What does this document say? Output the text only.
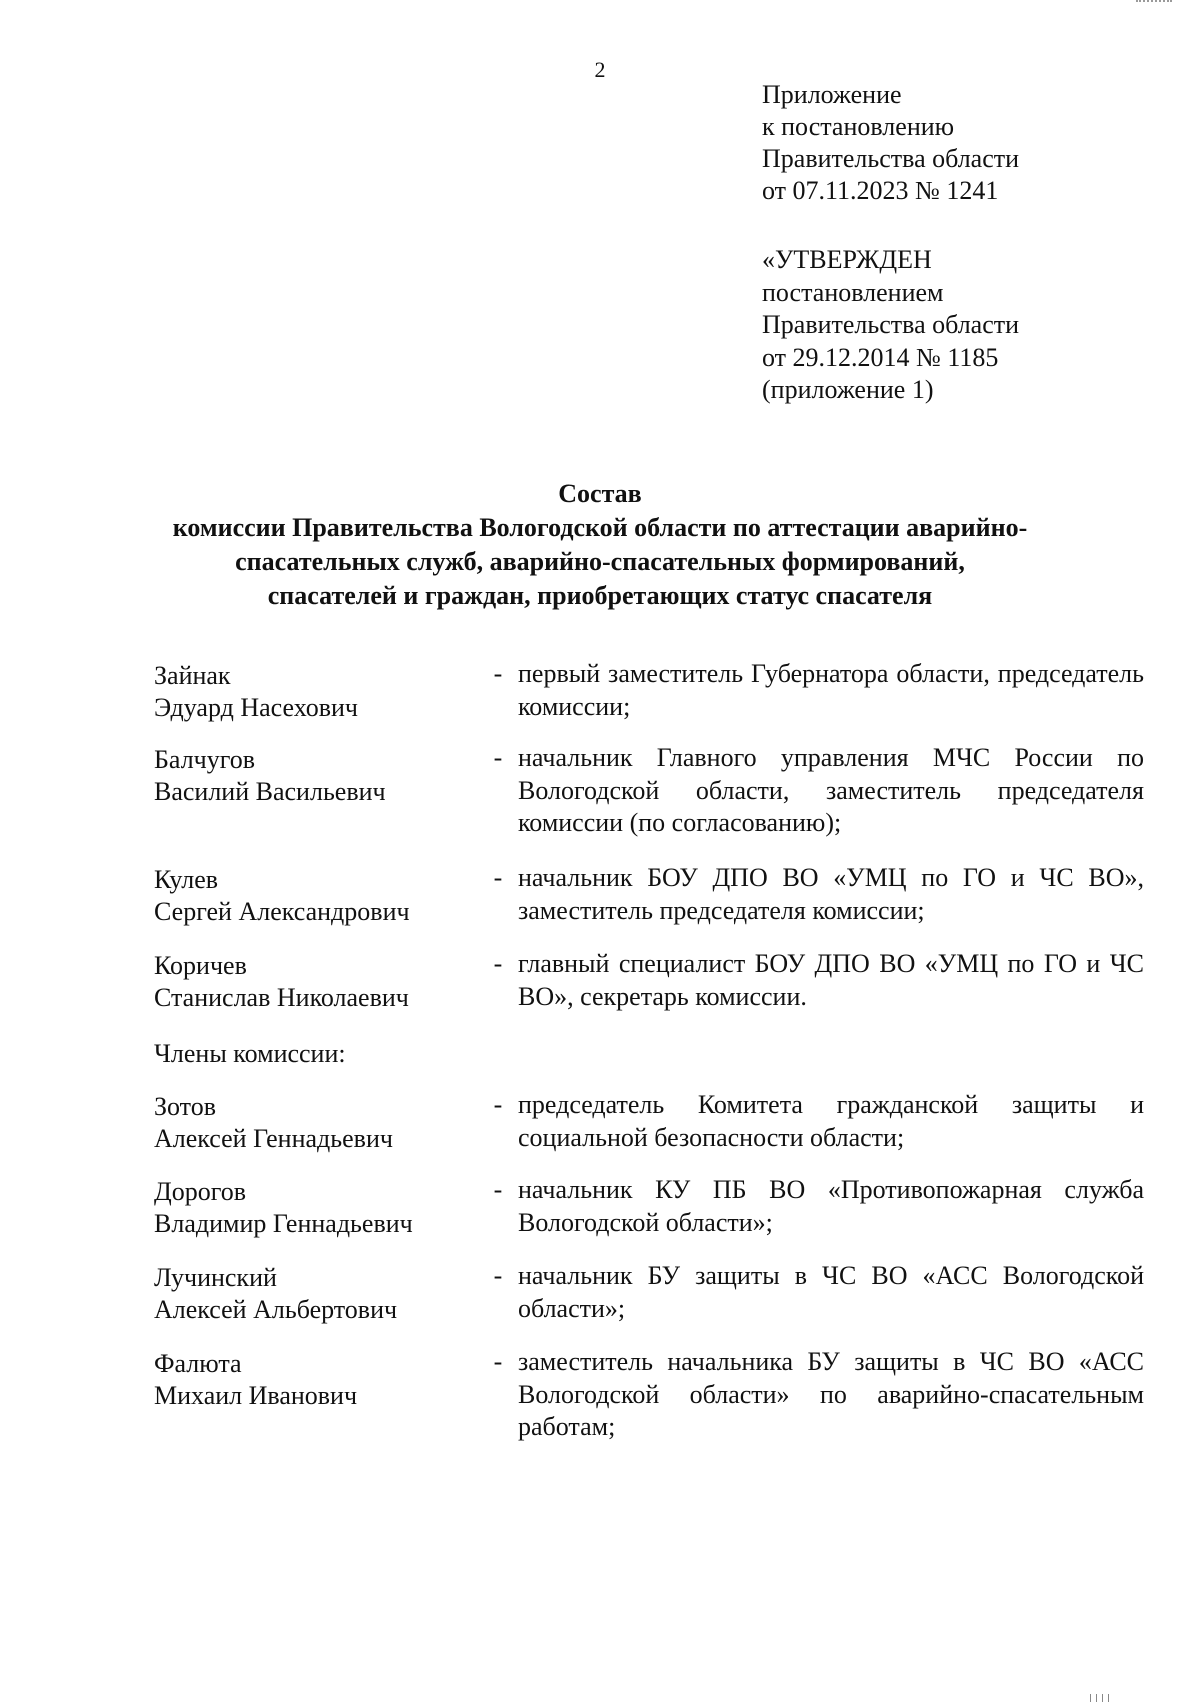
2
Приложение
к постановлению
Правительства области
от 07.11.2023 № 1241
«УТВЕРЖДЕН
постановлением
Правительства области
от 29.12.2014 № 1185
(приложение 1)
Состав
комиссии Правительства Вологодской области по аттестации аварийно-
спасательных служб, аварийно-спасательных формирований,
спасателей и граждан, приобретающих статус спасателя
Зайнак
Эдуард Насехович
- первый заместитель Губернатора области, председатель комиссии;
Балчугов
Василий Васильевич
- начальник Главного управления МЧС России по Вологодской области, заместитель председателя комиссии (по согласованию);
Кулев
Сергей Александрович
- начальник БОУ ДПО ВО «УМЦ по ГО и ЧС ВО», заместитель председателя комиссии;
Коричев
Станислав Николаевич
- главный специалист БОУ ДПО ВО «УМЦ по ГО и ЧС ВО», секретарь комиссии.
Члены комиссии:
Зотов
Алексей Геннадьевич
- председатель Комитета гражданской защиты и социальной безопасности области;
Дорогов
Владимир Геннадьевич
- начальник КУ ПБ ВО «Противопожарная служба Вологодской области»;
Лучинский
Алексей Альбертович
- начальник БУ защиты в ЧС ВО «АСС Вологодской области»;
Фалюта
Михаил Иванович
- заместитель начальника БУ защиты в ЧС ВО «АСС Вологодской области» по аварийно-спасательным работам;
